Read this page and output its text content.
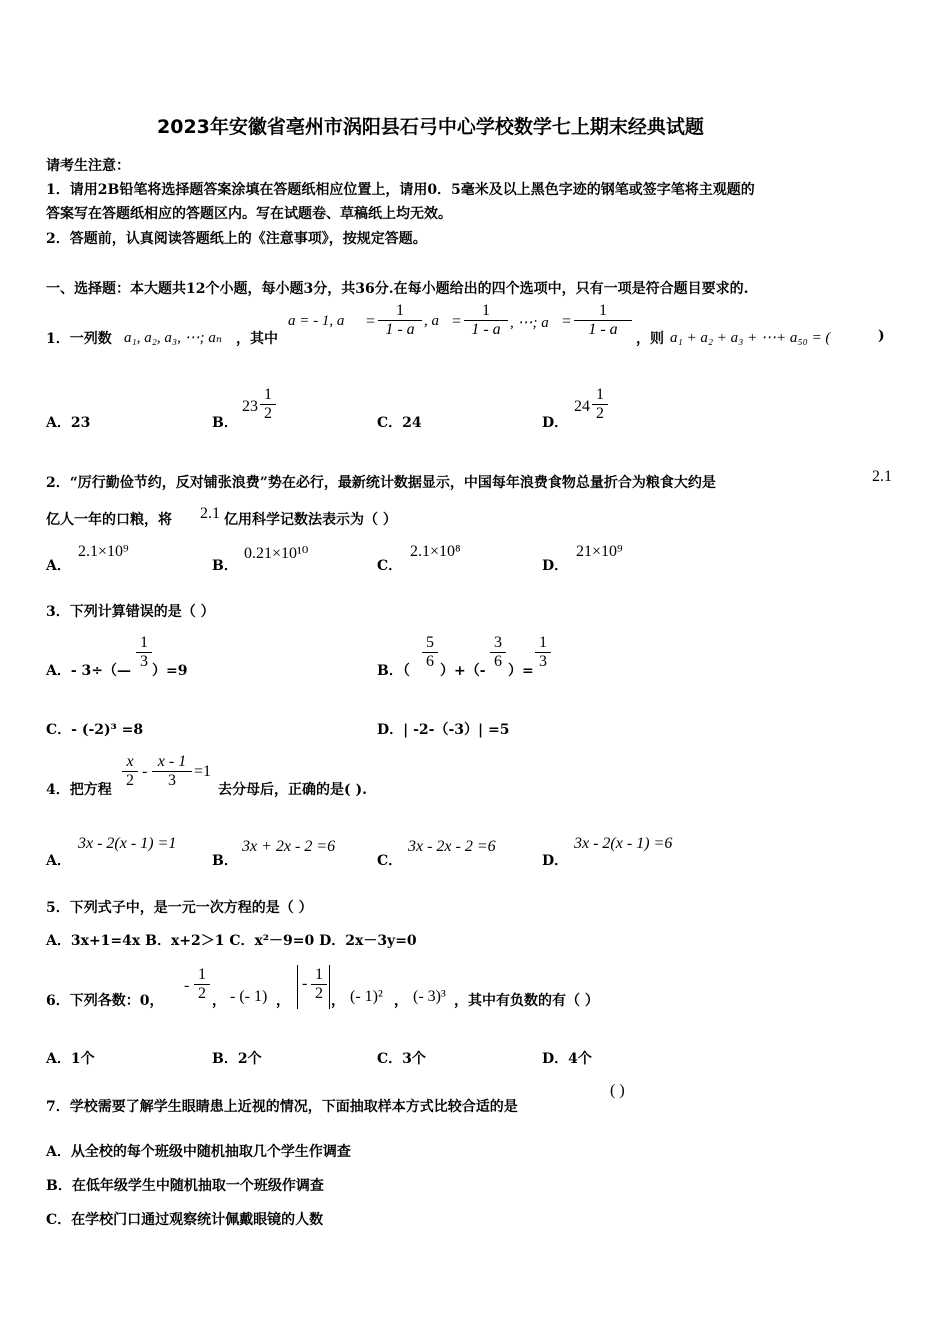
2023年安徽省亳州市涡阳县石弓中心学校数学七上期末经典试题
请考生注意：
1．请用2B铅笔将选择题答案涂填在答题纸相应位置上，请用0．5毫米及以上黑色字迹的钢笔或签字笔将主观题的
答案写在答题纸相应的答题区内。写在试题卷、草稿纸上均无效。
2．答题前，认真阅读答题纸上的《注意事项》，按规定答题。
一、选择题：本大题共12个小题，每小题3分，共36分.在每小题给出的四个选项中，只有一项是符合题目要求的.
1．一列数 a₁, a₂, a₃, ⋯; aₙ ，其中
a = - 1, $a = \frac{1}{1 - a}$ , $a = \frac{1}{1 - a}$ , ⋯; $a = \frac{1}{1 - a}$ ，则 a₁ + a₂ + a₃ + ⋯+ a₅₀ = (	)
A．23	B．
$23 \frac{1}{2}$	C．24	D．
$24 \frac{1}{2}$
2．“厉行勤俭节约，反对铺张浪费”势在必行，最新统计数据显示，中国每年浪费食物总量折合为粮食大约是	2.1
亿人一年的口粮，将 2.1 亿用科学记数法表示为（ ）
A．
2.1×10⁹
B．
0.21×10¹⁰
C．
2.1×10⁸
D．
21×10⁹
3．下列计算错误的是（ ）
A．- 3÷（— $\frac{1}{3} )=9$	B．（ $\frac{5}{6}$ ）+（- $\frac{3}{6}$ ）= $\frac{1}{3}$
C．- (-2)³ =8	D．| -2-（-3）| =5
4．把方程 $\frac{x}{2} - \frac{x - 1}{3} =1$
去分母后，正确的是( ).
A．
3x - 2(x - 1) =1
B．
3x + 2x - 2 =6
C．
3x - 2x - 2 =6
D．
3x - 2(x - 1) =6
5．下列式子中，是一元一次方程的是（ ）
A．3x+1=4x B．x+2＞1 C．x²－9=0 D．2x－3y=0
6．下列各数：0，
- $\frac{1}{2}$ ， - (- 1) ，
- $\frac{1}{2}$ ， (- 1)² ， (- 3)³ ，其中有负数的有（ ）
A．1个	B．2个	C．3个	D．4个
7．学校需要了解学生眼睛患上近视的情况，下面抽取样本方式比较合适的是
( )
A．从全校的每个班级中随机抽取几个学生作调查
B．在低年级学生中随机抽取一个班级作调查
C．在学校门口通过观察统计佩戴眼镜的人数
